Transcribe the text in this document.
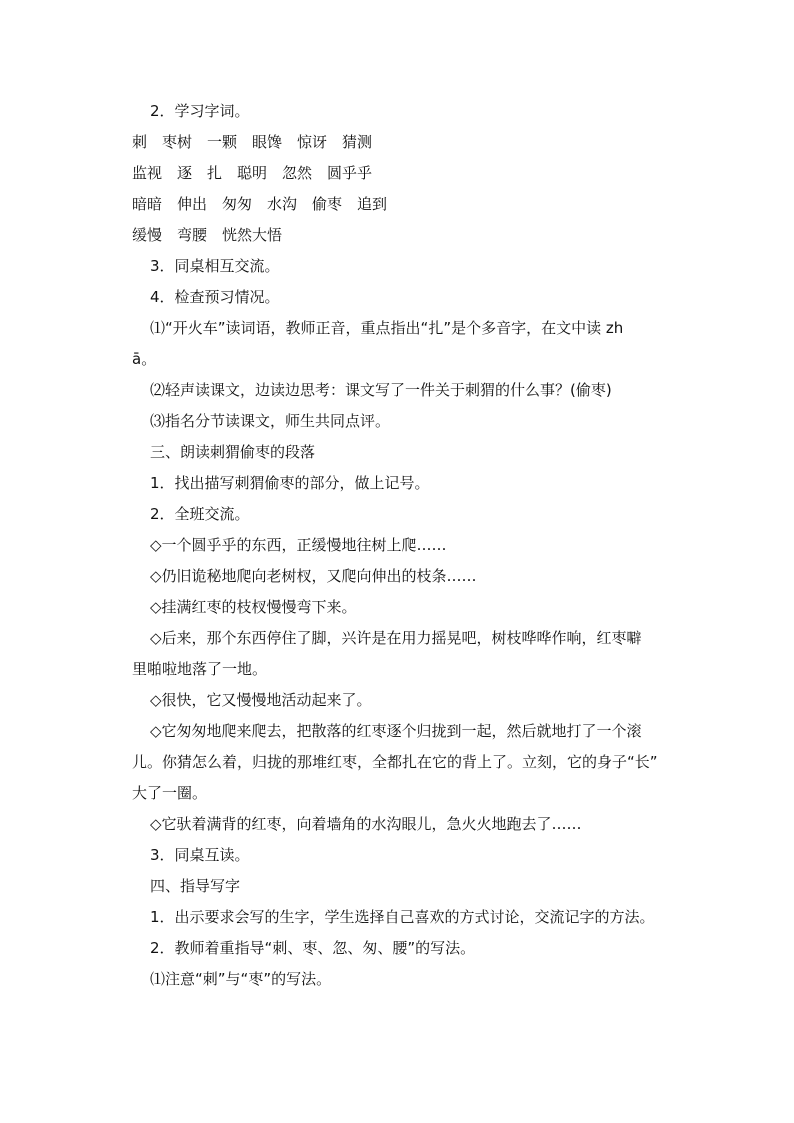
2．学习字词。
刺　枣树　一颗　眼馋　惊讶　猜测
监视　逐　扎　聪明　忽然　圆乎乎
暗暗　伸出　匆匆　水沟　偷枣　追到
缓慢　弯腰　恍然大悟
3．同桌相互交流。
4．检查预习情况。
⑴“开火车”读词语，教师正音，重点指出“扎”是个多音字，在文中读 zh
ā。
⑵轻声读课文，边读边思考：课文写了一件关于刺猬的什么事？(偷枣)
⑶指名分节读课文，师生共同点评。
三、朗读刺猬偷枣的段落
1．找出描写刺猬偷枣的部分，做上记号。
2．全班交流。
◇一个圆乎乎的东西，正缓慢地往树上爬……
◇仍旧诡秘地爬向老树杈，又爬向伸出的枝条……
◇挂满红枣的枝杈慢慢弯下来。
◇后来，那个东西停住了脚，兴许是在用力摇晃吧，树枝哗哗作响，红枣噼
里啪啦地落了一地。
◇很快，它又慢慢地活动起来了。
◇它匆匆地爬来爬去，把散落的红枣逐个归拢到一起，然后就地打了一个滚
儿。你猜怎么着，归拢的那堆红枣，全都扎在它的背上了。立刻，它的身子“长”
大了一圈。
◇它驮着满背的红枣，向着墙角的水沟眼儿，急火火地跑去了……
3．同桌互读。
四、指导写字
1．出示要求会写的生字，学生选择自己喜欢的方式讨论，交流记字的方法。
2．教师着重指导“刺、枣、忽、匆、腰”的写法。
⑴注意“刺”与“枣”的写法。
